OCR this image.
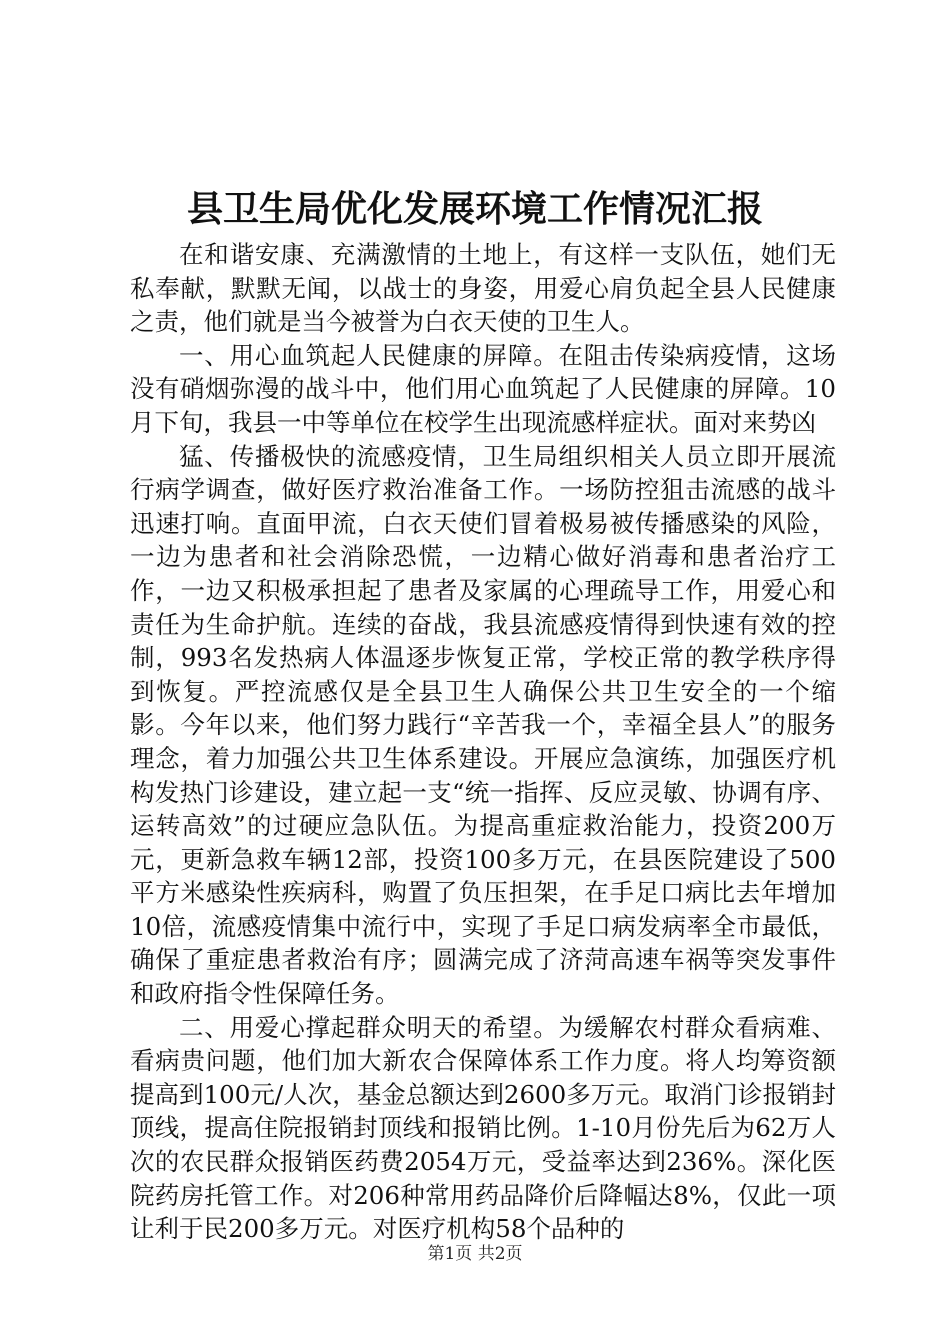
县卫生局优化发展环境工作情况汇报

在和谐安康、充满激情的土地上，有这样一支队伍，她们无私奉献，默默无闻，以战士的身姿，用爱心肩负起全县人民健康之责，他们就是当今被誉为白衣天使的卫生人。

一、用心血筑起人民健康的屏障。在阻击传染病疫情，这场没有硝烟弥漫的战斗中，他们用心血筑起了人民健康的屏障。10月下旬，我县一中等单位在校学生出现流感样症状。面对来势凶

猛、传播极快的流感疫情，卫生局组织相关人员立即开展流行病学调查，做好医疗救治准备工作。一场防控狙击流感的战斗迅速打响。直面甲流，白衣天使们冒着极易被传播感染的风险，一边为患者和社会消除恐慌，一边精心做好消毒和患者治疗工作，一边又积极承担起了患者及家属的心理疏导工作，用爱心和责任为生命护航。连续的奋战，我县流感疫情得到快速有效的控制，993名发热病人体温逐步恢复正常，学校正常的教学秩序得到恢复。严控流感仅是全县卫生人确保公共卫生安全的一个缩影。今年以来，他们努力践行“辛苦我一个，幸福全县人”的服务理念，着力加强公共卫生体系建设。开展应急演练，加强医疗机构发热门诊建设，建立起一支“统一指挥、反应灵敏、协调有序、运转高效”的过硬应急队伍。为提高重症救治能力，投资200万元，更新急救车辆12部，投资100多万元，在县医院建设了500平方米感染性疾病科，购置了负压担架，在手足口病比去年增加10倍，流感疫情集中流行中，实现了手足口病发病率全市最低，确保了重症患者救治有序；圆满完成了济菏高速车祸等突发事件和政府指令性保障任务。

二、用爱心撑起群众明天的希望。为缓解农村群众看病难、看病贵问题，他们加大新农合保障体系工作力度。将人均筹资额提高到100元/人次，基金总额达到2600多万元。取消门诊报销封顶线，提高住院报销封顶线和报销比例。1-10月份先后为62万人次的农民群众报销医药费2054万元，受益率达到236%。深化医院药房托管工作。对206种常用药品降价后降幅达8%，仅此一项让利于民200多万元。对医疗机构58个品种的

第1页 共2页
